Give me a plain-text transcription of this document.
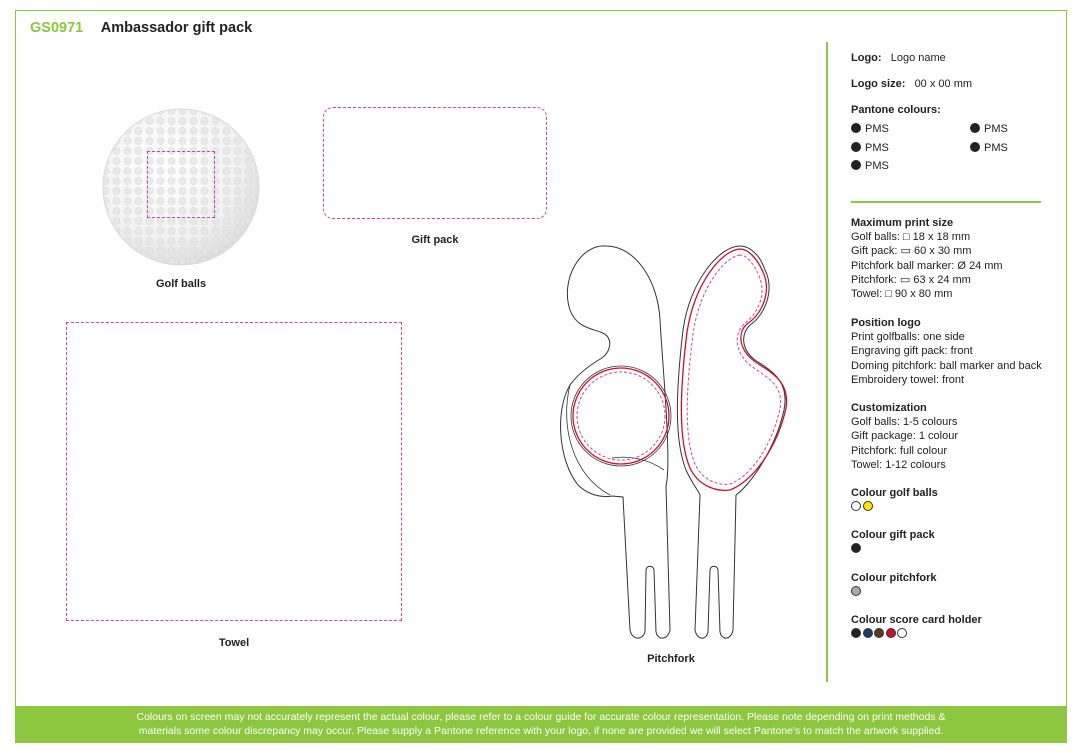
GS0971 Ambassador gift pack
Logo: Logo name
Logo size: 00 x 00 mm
Pantone colours:
PMS	PMS
PMS	PMS
PMS
Maximum print size
Golf balls: □ 18 x 18 mm
Gift pack: ▭ 60 x 30 mm
Pitchfork ball marker: Ø 24 mm
Pitchfork: ▭ 63 x 24 mm
Towel: □ 90 x 80 mm
Position logo
Print golfballs: one side
Engraving gift pack: front
Doming pitchfork: ball marker and back
Embroidery towel: front
Customization
Golf balls: 1-5 colours
Gift package: 1 colour
Pitchfork: full colour
Towel: 1-12 colours
Colour golf balls
Colour gift pack
Colour pitchfork
Colour score card holder
Golf balls
Gift pack
Towel
Pitchfork
Colours on screen may not accurately represent the actual colour, please refer to a colour guide for accurate colour representation. Please note depending on print methods &
materials some colour discrepancy may occur. Please supply a Pantone reference with your logo, if none are provided we will select Pantone's to match the artwork supplied.
